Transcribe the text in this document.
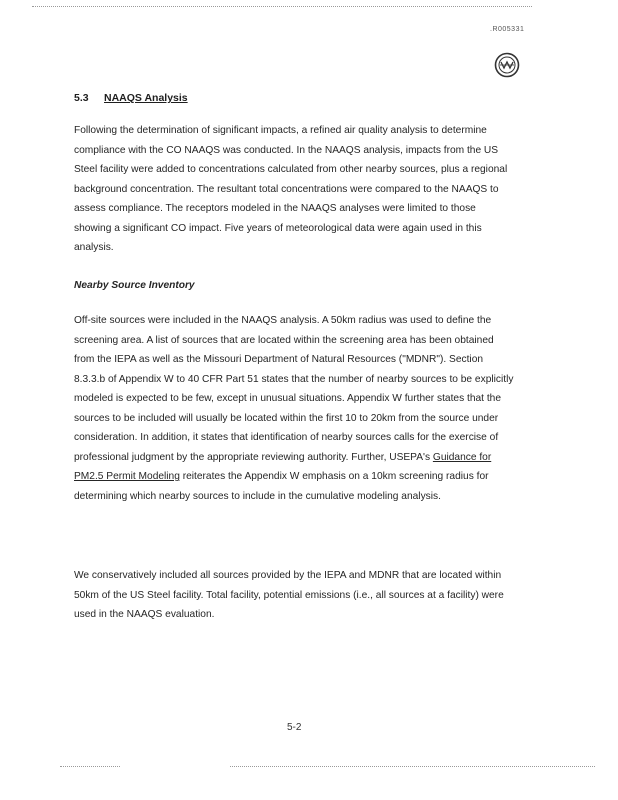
.R005331
5.3 NAAQS Analysis

Following the determination of significant impacts, a refined air quality analysis to determine compliance with the CO NAAQS was conducted. In the NAAQS analysis, impacts from the US Steel facility were added to concentrations calculated from other nearby sources, plus a regional background concentration. The resultant total concentrations were compared to the NAAQS to assess compliance. The receptors modeled in the NAAQS analyses were limited to those showing a significant CO impact. Five years of meteorological data were again used in this analysis.

Nearby Source Inventory

Off-site sources were included in the NAAQS analysis. A 50km radius was used to define the screening area. A list of sources that are located within the screening area has been obtained from the IEPA as well as the Missouri Department of Natural Resources ("MDNR"). Section 8.3.3.b of Appendix W to 40 CFR Part 51 states that the number of nearby sources to be explicitly modeled is expected to be few, except in unusual situations. Appendix W further states that the sources to be included will usually be located within the first 10 to 20km from the source under consideration. In addition, it states that identification of nearby sources calls for the exercise of professional judgment by the appropriate reviewing authority. Further, USEPA's Guidance for PM2.5 Permit Modeling reiterates the Appendix W emphasis on a 10km screening radius for determining which nearby sources to include in the cumulative modeling analysis.

We conservatively included all sources provided by the IEPA and MDNR that are located within 50km of the US Steel facility. Total facility, potential emissions (i.e., all sources at a facility) were used in the NAAQS evaluation.

5-2
